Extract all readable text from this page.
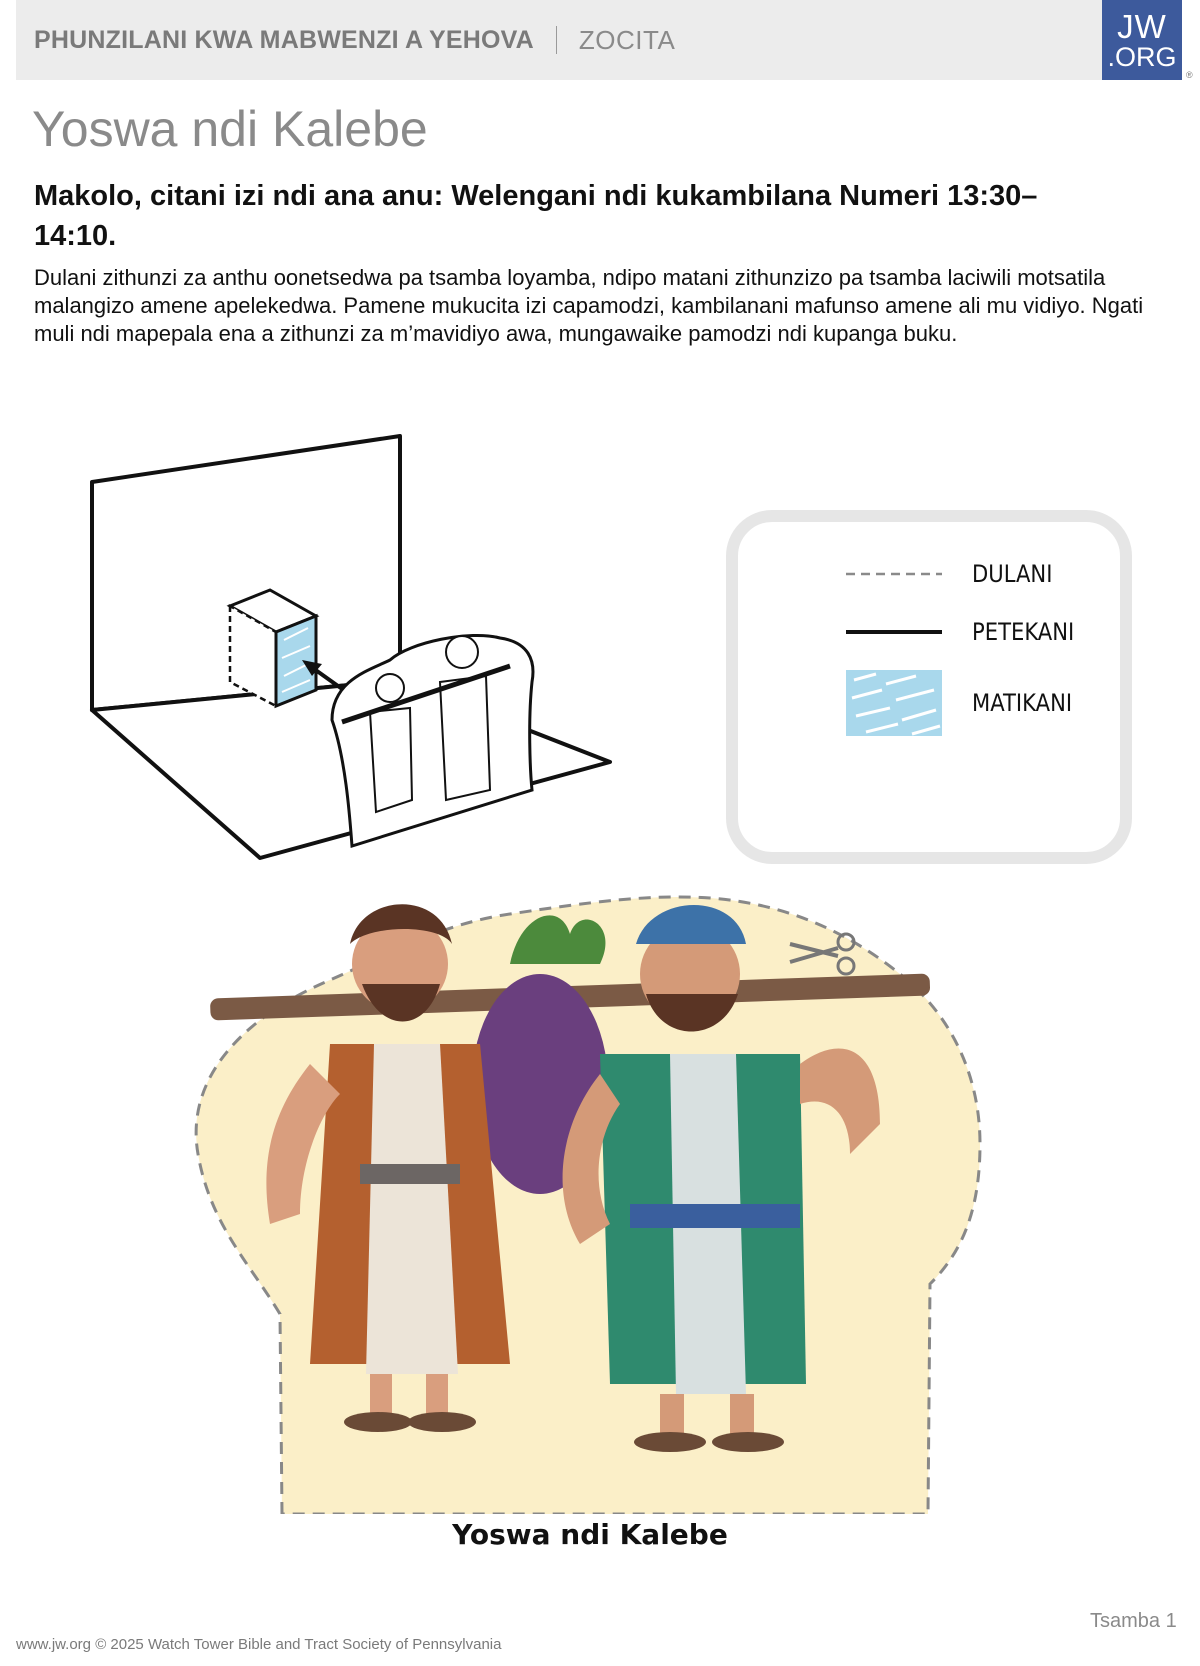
PHUNZILANI KWA MABWENZI A YEHOVA ZOCITA	JW
.ORG
®
Yoswa ndi Kalebe
Makolo, citani izi ndi ana anu: Welengani ndi kukambilana Numeri 13:30–14:10.

Dulani zithunzi za anthu oonetsedwa pa tsamba loyamba, ndipo matani zithunzizo pa tsamba laciwili motsatila malangizo amene apelekedwa. Pamene mukucita izi capamodzi, kambilanani mafunso amene ali mu vidiyo. Ngati muli ndi mapepala ena a zithunzi za m’mavidiyo awa, mungawaike pamodzi ndi kupanga buku.

DULANI
PETEKANI
MATIKANI
Yoswa ndi Kalebe
Tsamba 1
www.jw.org © 2025 Watch Tower Bible and Tract Society of Pennsylvania
